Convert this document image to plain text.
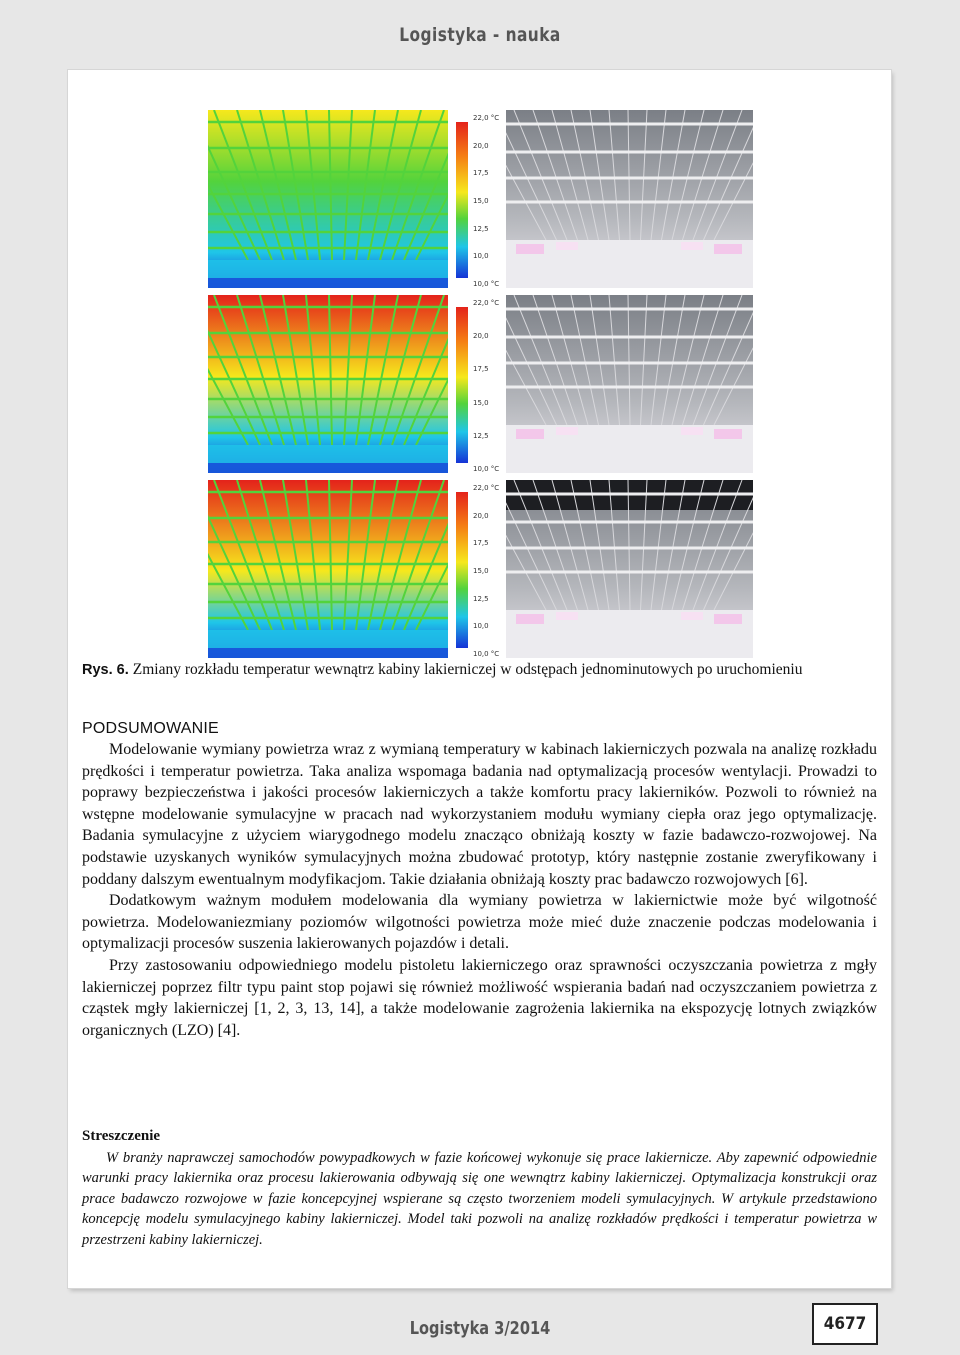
Logistyka - nauka
22,0 °C
20,0
17,5
15,0
12,5
10,0
10,0 °C
22,0 °C
20,0
17,5
15,0
12,5
10,0 °C
22,0 °C
20,0
17,5
15,0
12,5
10,0
10,0 °C
Rys. 6. Zmiany rozkładu temperatur wewnątrz kabiny lakierniczej w odstępach jednominutowych po uruchomieniu
PODSUMOWANIE

Modelowanie wymiany powietrza wraz z wymianą temperatury w kabinach lakierniczych pozwala na analizę rozkładu prędkości i temperatur powietrza. Taka analiza wspomaga badania nad optymalizacją procesów wentylacji. Prowadzi to poprawy bezpieczeństwa i jakości procesów lakierniczych a także komfortu pracy lakierników. Pozwoli to również na wstępne modelowanie symulacyjne w pracach nad wykorzystaniem modułu wymiany ciepła oraz jego optymalizację. Badania symulacyjne z użyciem wiarygodnego modelu znacząco obniżają koszty w fazie badawczo-rozwojowej. Na podstawie uzyskanych wyników symulacyjnych można zbudować prototyp, który następnie zostanie zweryfikowany i poddany dalszym ewentualnym modyfikacjom. Takie działania obniżają koszty prac badawczo rozwojowych [6].

Dodatkowym ważnym modułem modelowania dla wymiany powietrza w lakiernictwie może być wilgotność powietrza. Modelowaniezmiany poziomów wilgotności powietrza może mieć duże znaczenie podczas modelowania i optymalizacji procesów suszenia lakierowanych pojazdów i detali.

Przy zastosowaniu odpowiedniego modelu pistoletu lakierniczego oraz sprawności oczyszczania powietrza z mgły lakierniczej poprzez filtr typu paint stop pojawi się również możliwość wspierania badań nad oczyszczaniem powietrza z cząstek mgły lakierniczej [1, 2, 3, 13, 14], a także modelowanie zagrożenia lakiernika na ekspozycję lotnych związków organicznych (LZO) [4].

Streszczenie

W branży naprawczej samochodów powypadkowych w fazie końcowej wykonuje się prace lakiernicze. Aby zapewnić odpowiednie warunki pracy lakiernika oraz procesu lakierowania odbywają się one wewnątrz kabiny lakierniczej. Optymalizacja konstrukcji oraz prace badawczo rozwojowe w fazie koncepcyjnej wspierane są często tworzeniem modeli symulacyjnych. W artykule przedstawiono koncepcję modelu symulacyjnego kabiny lakierniczej. Model taki pozwoli na analizę rozkładów prędkości i temperatur powietrza w przestrzeni kabiny lakierniczej.

Logistyka 3/2014	4677
